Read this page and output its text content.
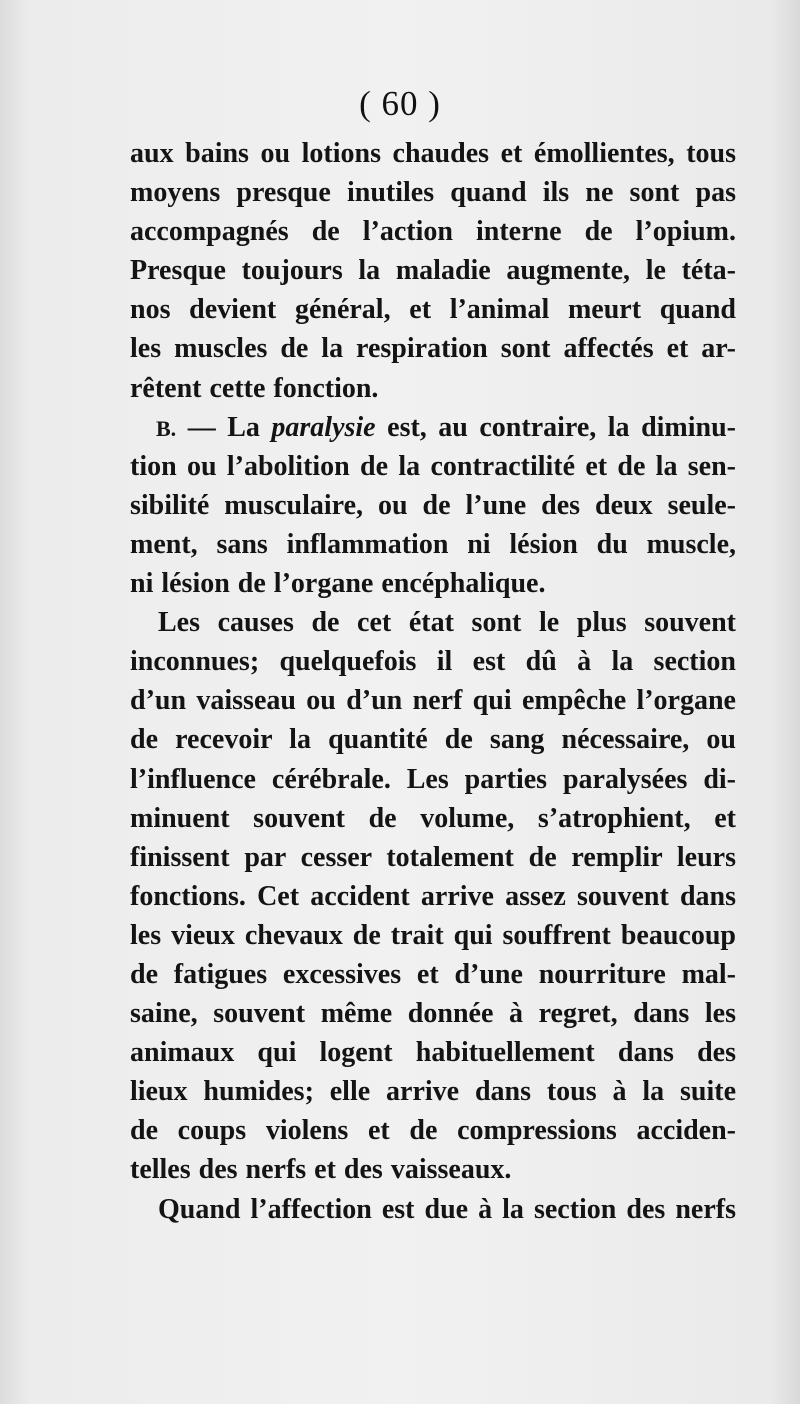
( 60 )
aux bains ou lotions chaudes et émollientes, tous
moyens presque inutiles quand ils ne sont pas
accompagnés de l’action interne de l’opium.
Presque toujours la maladie augmente, le téta-
nos devient général, et l’animal meurt quand
les muscles de la respiration sont affectés et ar-
rêtent cette fonction.
B. — La paralysie est, au contraire, la diminu-
tion ou l’abolition de la contractilité et de la sen-
sibilité musculaire, ou de l’une des deux seule-
ment, sans inflammation ni lésion du muscle,
ni lésion de l’organe encéphalique.
Les causes de cet état sont le plus souvent
inconnues; quelquefois il est dû à la section
d’un vaisseau ou d’un nerf qui empêche l’organe
de recevoir la quantité de sang nécessaire, ou
l’influence cérébrale. Les parties paralysées di-
minuent souvent de volume, s’atrophient, et
finissent par cesser totalement de remplir leurs
fonctions. Cet accident arrive assez souvent dans
les vieux chevaux de trait qui souffrent beaucoup
de fatigues excessives et d’une nourriture mal-
saine, souvent même donnée à regret, dans les
animaux qui logent habituellement dans des
lieux humides; elle arrive dans tous à la suite
de coups violens et de compressions acciden-
telles des nerfs et des vaisseaux.
Quand l’affection est due à la section des nerfs
